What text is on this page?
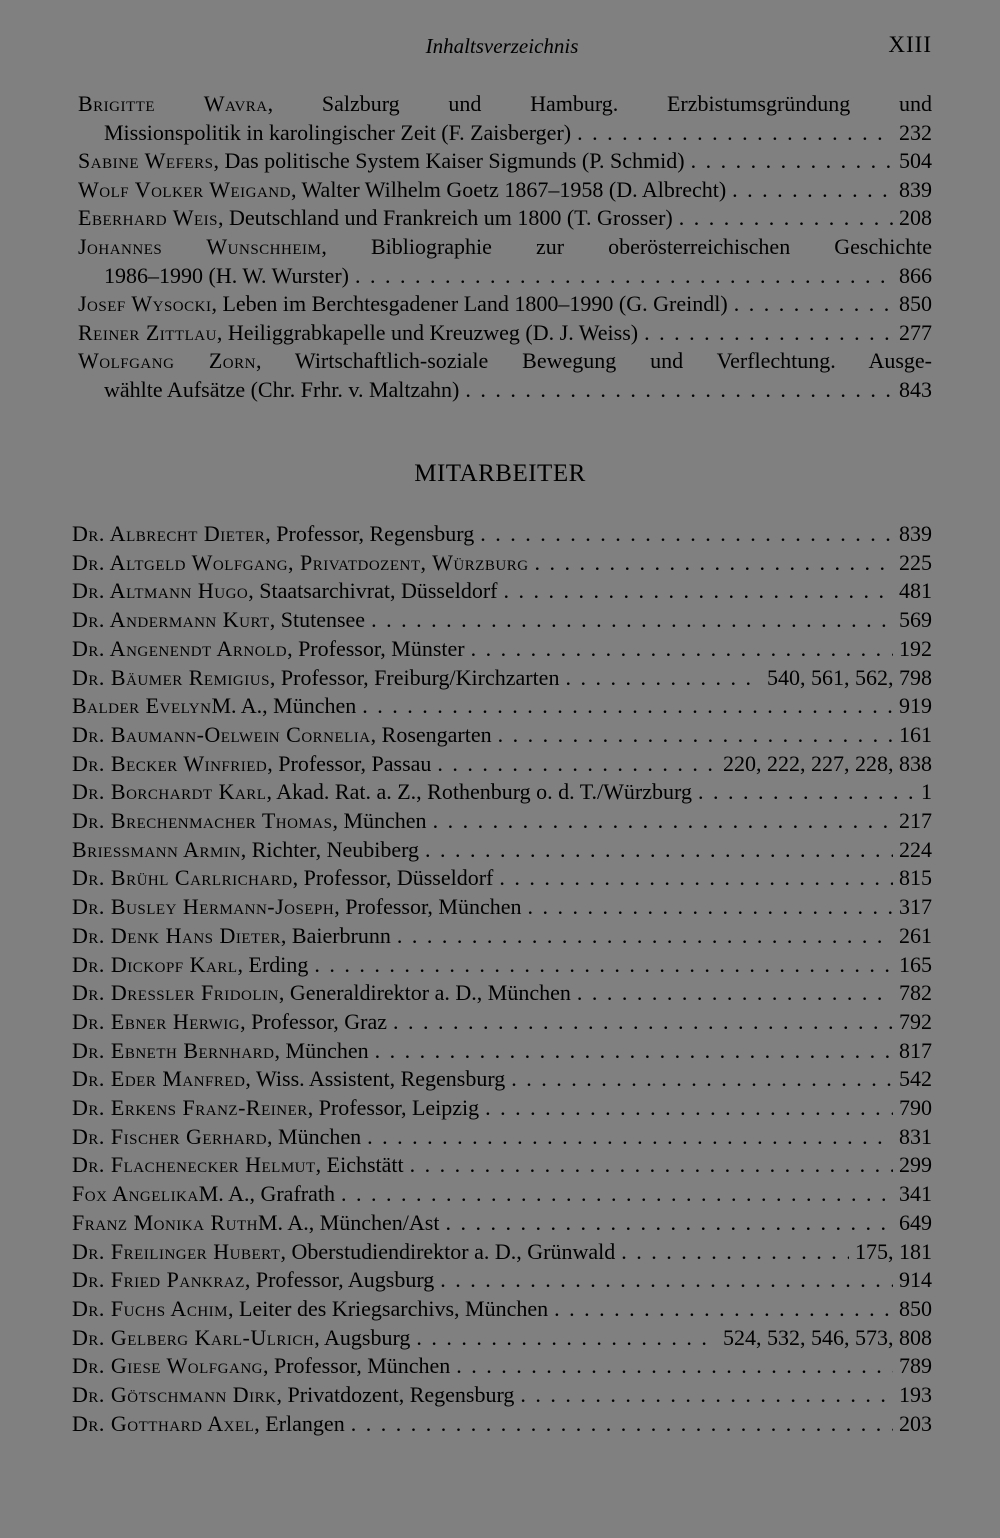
Inhaltsverzeichnis	XIII
Brigitte Wavra, Salzburg und Hamburg. Erzbistumsgründung und
Missionspolitik in karolingischer Zeit (F. Zaisberger) . . .	232
Sabine Wefers , Das politische System Kaiser Sigmunds (P. Schmid) . . .	504
Wolf Volker Weigand , Walter Wilhelm Goetz 1867–1958 (D. Albrecht) . . .	839
Eberhard Weis , Deutschland und Frankreich um 1800 (T. Grosser) . . .	208
Johannes Wunschheim, Bibliographie zur oberösterreichischen Geschichte
1986–1990 (H. W. Wurster) . . .	866
Josef Wysocki , Leben im Berchtesgadener Land 1800–1990 (G. Greindl) . . .	850
Reiner Zittlau , Heiliggrabkapelle und Kreuzweg (D. J. Weiss) . . .	277
Wolfgang Zorn, Wirtschaftlich-soziale Bewegung und Verflechtung. Ausge-
wählte Aufsätze (Chr. Frhr. v. Maltzahn) . . .	843
MITARBEITER
Dr. Albrecht Dieter , Professor, Regensburg . . .	839
Dr. Altgeld Wolfgang, Privatdozent, Würzburg . . .	225
Dr. Altmann Hugo , Staatsarchivrat, Düsseldorf . . .	481
Dr. Andermann Kurt , Stutensee . . .	569
Dr. Angenendt Arnold , Professor, Münster . . .	192
Dr. Bäumer Remigius , Professor, Freiburg/Kirchzarten . . .	540, 561, 562, 798
Balder Evelyn M. A., München . . .	919
Dr. Baumann-Oelwein Cornelia , Rosengarten . . .	161
Dr. Becker Winfried , Professor, Passau . . .	220, 222, 227, 228, 838
Dr. Borchardt Karl , Akad. Rat. a. Z., Rothenburg o. d. T./Würzburg . . .	1
Dr. Brechenmacher Thomas , München . . .	217
Briessmann Armin , Richter, Neubiberg . . .	224
Dr. Brühl Carlrichard , Professor, Düsseldorf . . .	815
Dr. Busley Hermann-Joseph , Professor, München . . .	317
Dr. Denk Hans Dieter , Baierbrunn . . .	261
Dr. Dickopf Karl , Erding . . .	165
Dr. Dressler Fridolin , Generaldirektor a. D., München . . .	782
Dr. Ebner Herwig , Professor, Graz . . .	792
Dr. Ebneth Bernhard , München . . .	817
Dr. Eder Manfred , Wiss. Assistent, Regensburg . . .	542
Dr. Erkens Franz-Reiner , Professor, Leipzig . . .	790
Dr. Fischer Gerhard , München . . .	831
Dr. Flachenecker Helmut , Eichstätt . . .	299
Fox Angelika M. A., Grafrath . . .	341
Franz Monika Ruth M. A., München/Ast . . .	649
Dr. Freilinger Hubert , Oberstudiendirektor a. D., Grünwald . . .	175, 181
Dr. Fried Pankraz , Professor, Augsburg . . .	914
Dr. Fuchs Achim , Leiter des Kriegsarchivs, München . . .	850
Dr. Gelberg Karl-Ulrich , Augsburg . . .	524, 532, 546, 573, 808
Dr. Giese Wolfgang , Professor, München . . .	789
Dr. Götschmann Dirk , Privatdozent, Regensburg . . .	193
Dr. Gotthard Axel , Erlangen . . .	203
